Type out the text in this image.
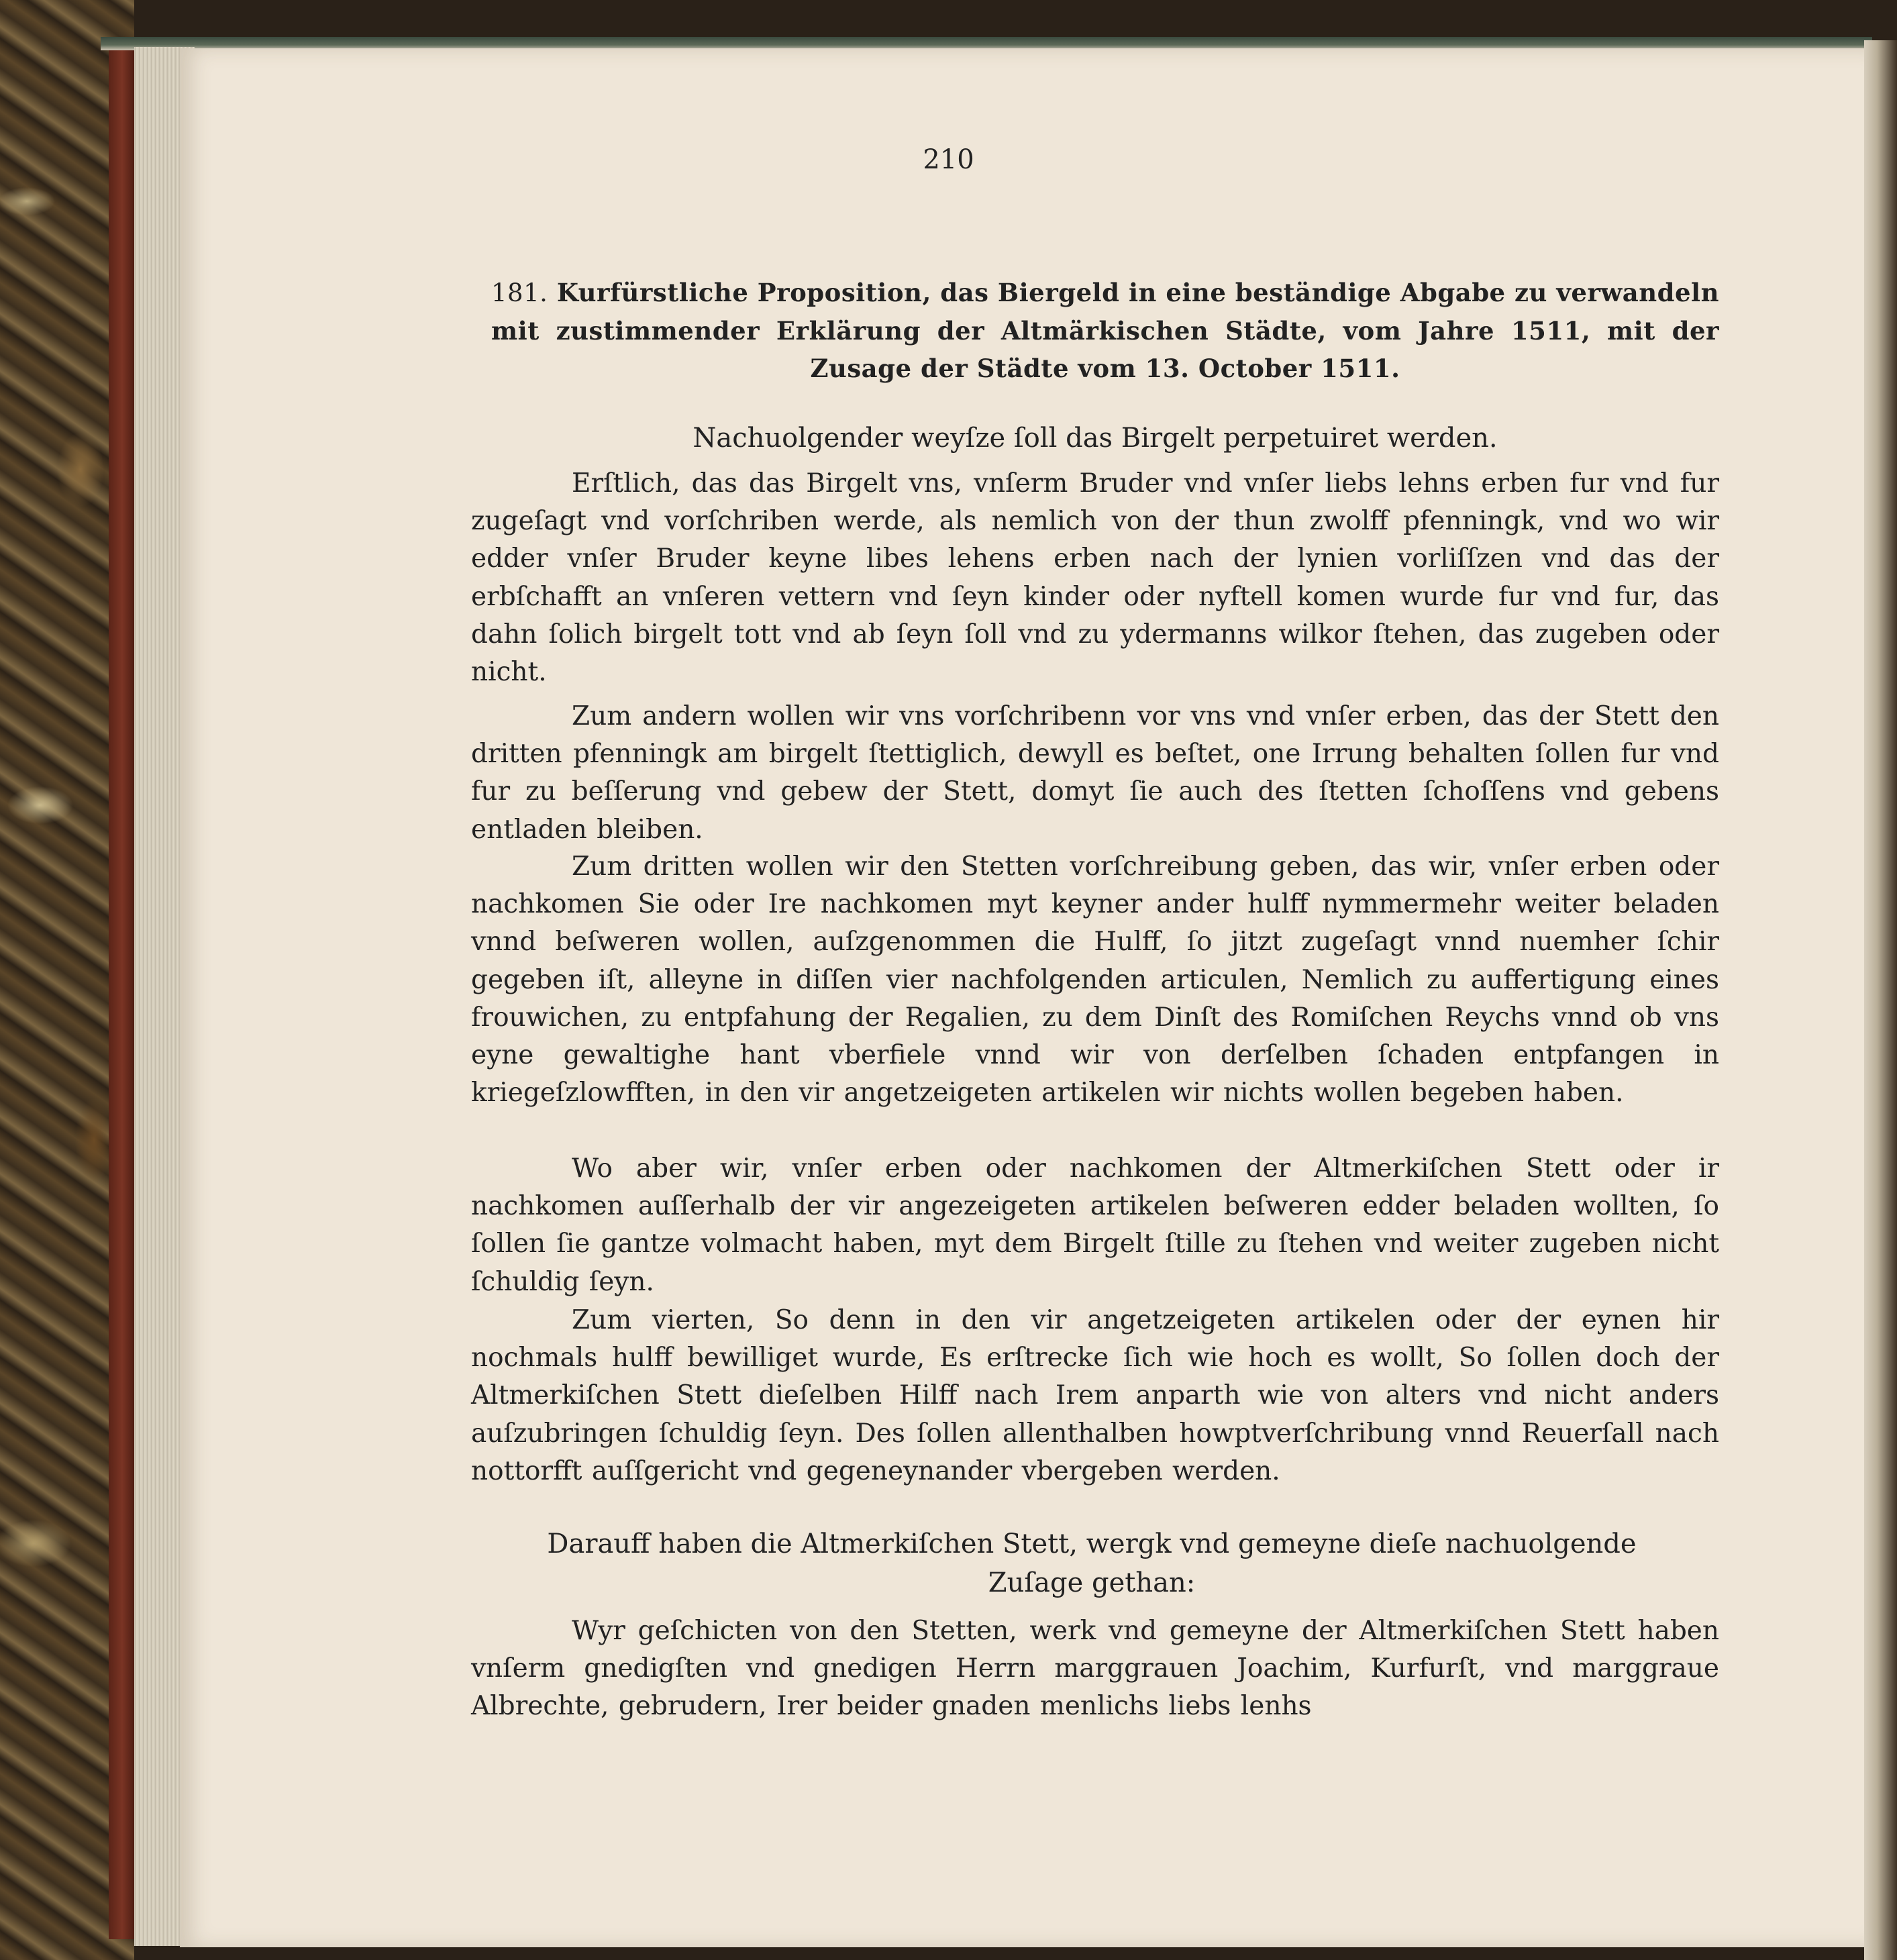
210
181. Kurfürstliche Proposition, das Biergeld in eine beständige Abgabe zu verwandeln mit zustimmender Erklärung der Altmärkischen Städte, vom Jahre 1511, mit der Zusage der Städte vom 13. October 1511.
Nachuolgender weyſze ſoll das Birgelt perpetuiret werden.
Erſtlich, das das Birgelt vns, vnſerm Bruder vnd vnſer liebs lehns erben fur vnd fur zugeſagt vnd vorſchriben werde, als nemlich von der thun zwolff pfenningk, vnd wo wir edder vnſer Bruder keyne libes lehens erben nach der lynien vorliſſzen vnd das der erbſchafft an vnſeren vettern vnd ſeyn kinder oder nyftell komen wurde fur vnd fur, das dahn ſolich birgelt tott vnd ab ſeyn ſoll vnd zu ydermanns wilkor ſtehen, das zugeben oder nicht.
Zum andern wollen wir vns vorſchribenn vor vns vnd vnſer erben, das der Stett den dritten pfenningk am birgelt ſtettiglich, dewyll es beſtet, one Irrung behalten ſollen fur vnd fur zu beſſerung vnd gebew der Stett, domyt ſie auch des ſtetten ſchoſſens vnd gebens entladen bleiben.
Zum dritten wollen wir den Stetten vorſchreibung geben, das wir, vnſer erben oder nachkomen Sie oder Ire nachkomen myt keyner ander hulff nymmermehr weiter beladen vnnd beſweren wollen, auſzgenommen die Hulff, ſo jitzt zugeſagt vnnd nuemher ſchir gegeben iſt, alleyne in diſſen vier nachfolgenden articulen, Nemlich zu auffertigung eines frouwichen, zu entpfahung der Regalien, zu dem Dinſt des Romiſchen Reychs vnnd ob vns eyne gewaltighe hant vberfiele vnnd wir von derſelben ſchaden entpfangen in kriegeſzlowfften, in den vir angetzeigeten artikelen wir nichts wollen begeben haben.
Wo aber wir, vnſer erben oder nachkomen der Altmerkiſchen Stett oder ir nachkomen auſſerhalb der vir angezeigeten artikelen beſweren edder beladen wollten, ſo ſollen ſie gantze volmacht haben, myt dem Birgelt ſtille zu ſtehen vnd weiter zugeben nicht ſchuldig ſeyn.
Zum vierten, So denn in den vir angetzeigeten artikelen oder der eynen hir nochmals hulff bewilliget wurde, Es erſtrecke ſich wie hoch es wollt, So ſollen doch der Altmerkiſchen Stett dieſelben Hilff nach Irem anparth wie von alters vnd nicht anders auſzubringen ſchuldig ſeyn. Des ſollen allenthalben howptverſchribung vnnd Reuerſall nach nottorfft auſſgericht vnd gegeneynander vbergeben werden.
Darauff haben die Altmerkiſchen Stett, wergk vnd gemeyne dieſe nachuolgende Zuſage gethan:
Wyr geſchicten von den Stetten, werk vnd gemeyne der Altmerkiſchen Stett haben vnſerm gnedigſten vnd gnedigen Herrn marggrauen Joachim, Kurfurſt, vnd marggraue Albrechte, gebrudern, Irer beider gnaden menlichs liebs lenhs
